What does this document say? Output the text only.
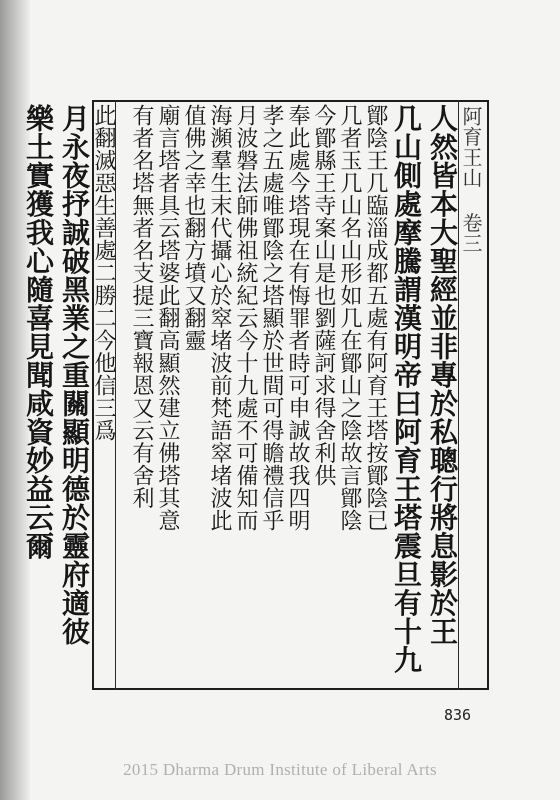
阿育王山 卷三
人然皆本大聖經並非專於私聰行將息影於王
几山側處摩騰謂漢明帝曰阿育王塔震旦有十九
鄮陰王几臨淄成都五處有阿育王塔按鄮陰已
几者玉几山名山形如几在鄮山之陰故言鄮陰
今鄮縣王寺案山是也劉薩訶求得舍利供
奉此處今塔現在有悔罪者時可申誠故我四明
孝之五處唯鄮陰之塔顯於世間可得瞻禮信乎
月波磐法師佛祖統紀云今十九處不可備知而
海瀕羣生末代攝心於窣堵波前梵語窣堵波此
值佛之幸也翻方墳又翻靈
廟言塔者具云塔婆此翻高顯然建立佛塔其意
有者名塔無者名支提三寶報恩又云有舍利
此翻滅惡生善處二勝二今他信三爲
月永夜抒誠破黑業之重關顯明德於靈府適彼
樂土實獲我心隨喜見聞咸資妙益云爾
836
2015 Dharma Drum Institute of Liberal Arts
